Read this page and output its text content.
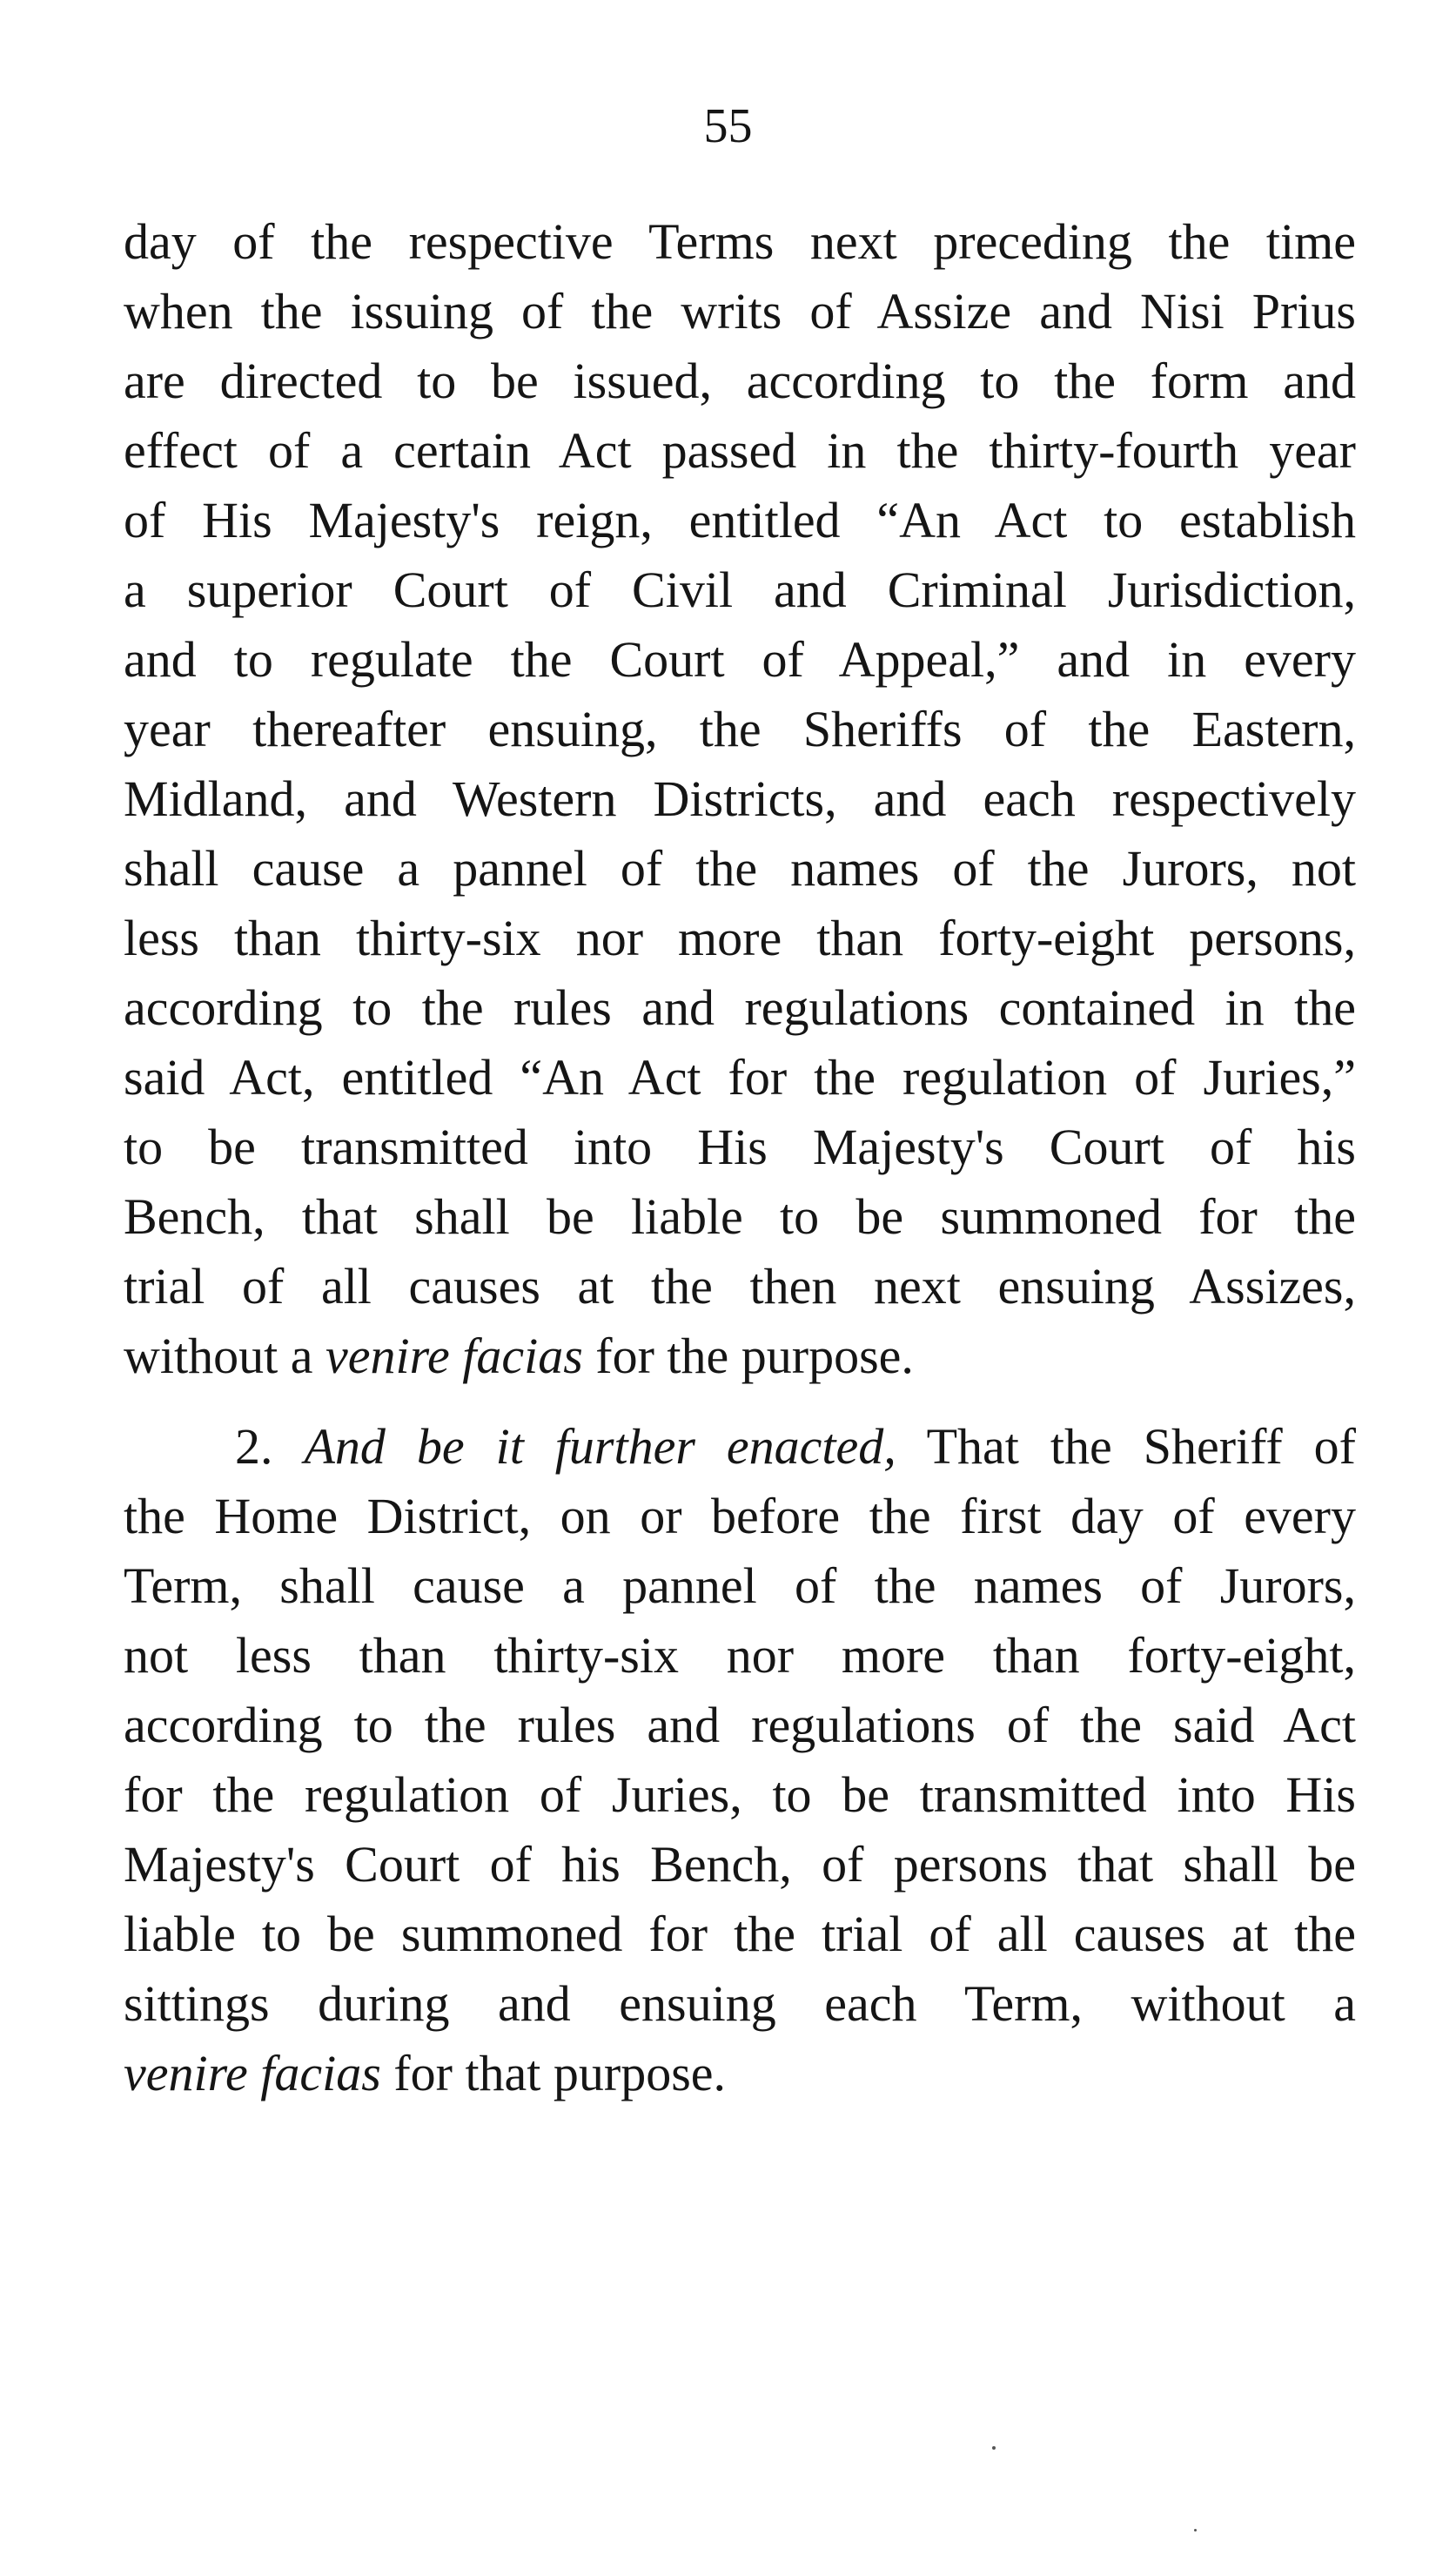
55
day of the respective Terms next preceding the time
when the issuing of the writs of Assize and Nisi Prius
are directed to be issued, according to the form and
effect of a certain Act passed in the thirty-fourth year
of His Majesty's reign, entitled “An Act to establish
a superior Court of Civil and Criminal Jurisdiction,
and to regulate the Court of Appeal,” and in every
year thereafter ensuing, the Sheriffs of the Eastern,
Midland, and Western Districts, and each respectively
shall cause a pannel of the names of the Jurors, not
less than thirty-six nor more than forty-eight persons,
according to the rules and regulations contained in the
said Act, entitled “An Act for the regulation of Juries,”
to be transmitted into His Majesty's Court of his
Bench, that shall be liable to be summoned for the
trial of all causes at the then next ensuing Assizes,
without a venire facias for the purpose.
2. And be it further enacted, That the Sheriff of
the Home District, on or before the first day of every
Term, shall cause a pannel of the names of Jurors,
not less than thirty-six nor more than forty-eight,
according to the rules and regulations of the said Act
for the regulation of Juries, to be transmitted into His
Majesty's Court of his Bench, of persons that shall be
liable to be summoned for the trial of all causes at the
sittings during and ensuing each Term, without a
venire facias for that purpose.
